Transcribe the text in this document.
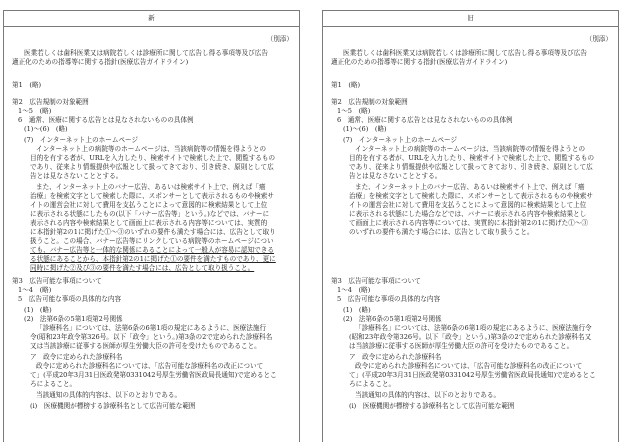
新
（別添）
医業若しくは歯科医業又は病院若しくは診療所に関して広告し得る事項等及び広告
適正化のための指導等に関する指針(医療広告ガイドライン)
第1　(略)
第2　広告規制の対象範囲
1～5　(略)
6　通常、医療に関する広告とは見なされないものの具体例
(1)～(6)　(略)
(7)　インターネット上のホームページ
インターネット上の病院等のホームページは、当該病院等の情報を得ようとの
目的を有する者が、URLを入力したり、検索サイトで検索した上で、閲覧するもの
であり、従来より情報提供や広報として扱ってきており、引き続き、原則として広
告とは見なさないこととする。
また、インターネット上のバナー広告、あるいは検索サイト上で、例えば「癌
治療」を検索文字として検索した際に、スポンサーとして表示されるものや検索サ
イトの運営会社に対して費用を支払うことによって意図的に検索結果として上位
に表示される状態にしたもの(以下「バナー広告等」という。)などでは、バナーに
表示される内容や検索結果として画面上に表示される内容等については、実質的
に本指針第2の1に掲げた①～③のいずれの要件も満たす場合には、広告として取り
扱うこと。この場合、バナー広告等にリンクしている病院等のホームページについ
ても、バナー広告等と一体的な関係にあることによって一般人が容易に認知できる
る状態にあることから、本指針第2の1に掲げた①の要件を満たすものであり、更に
同時に掲げた②及び③の要件を満たす場合には、広告として取り扱うこと。
第3　広告可能な事項について
1～4　(略)
5　広告可能な事項の具体的な内容
(1)　(略)
(2)　法第6条の5第1項第2号関係
「診療科名」については、法第6条の6第1項の規定にあるように、医療法施行
令(昭和23年政令第326号。以下「政令」という。)第3条の2で定められた診療科名
又は当該診療に従事する医師が厚生労働大臣の許可を受けたものであること。
ア　政令に定められた診療科名
政令に定められた診療科名については、「広告可能な診療科名の改正について
て」(平成20年3月31日医政発第0331042号厚生労働省医政局長通知)で定めるとこ
ろによること。
当該通知の具体的内容は、以下のとおりである。
(ⅰ)　医療機関が標榜する診療科名として広告可能な範囲
旧
（別添）
医業若しくは歯科医業又は病院若しくは診療所に関して広告し得る事項等及び広告
適正化のための指導等に関する指針(医療広告ガイドライン)
第1　(略)
第2　広告規制の対象範囲
1～5　(略)
6　通常、医療に関する広告とは見なされないものの具体例
(1)～(6)　(略)
(7)　インターネット上のホームページ
インターネット上の病院等のホームページは、当該病院等の情報を得ようとの
目的を有する者が、URLを入力したり、検索サイトで検索した上で、閲覧するもの
であり、従来より情報提供や広報として扱ってきており、引き続き、原則として広
告とは見なさないこととする。
また、インターネット上のバナー広告、あるいは検索サイト上で、例えば「癌
治療」を検索文字として検索した際に、スポンサーとして表示されるものや検索サ
イトの運営会社に対して費用を支払うことによって意図的に検索結果として上位
に表示される状態にした場合などでは、バナーに表示される内容や検索結果とし
て画面上に表示される内容等については、実質的に本指針第2の1に掲げた①～③
のいずれの要件も満たす場合には、広告として取り扱うこと。
第3　広告可能な事項について
1～4　(略)
5　広告可能な事項の具体的な内容
(1)　(略)
(2)　法第6条の5第1項第2号関係
「診療科名」については、法第6条の6第1項の規定にあるように、医療法施行令
(昭和23年政令第326号。以下「政令」という。)第3条の2で定められた診療科名又
は当該診療に従事する医師が厚生労働大臣の許可を受けたものであること。
ア　政令に定められた診療科名
政令に定められた診療科名については、「広告可能な診療科名の改正について
て」(平成20年3月31日医政発第0331042号厚生労働省医政局長通知)で定めるとこ
ろによること。
当該通知の具体的内容は、以下のとおりである。
(ⅰ)　医療機関が標榜する診療科名として広告可能な範囲
